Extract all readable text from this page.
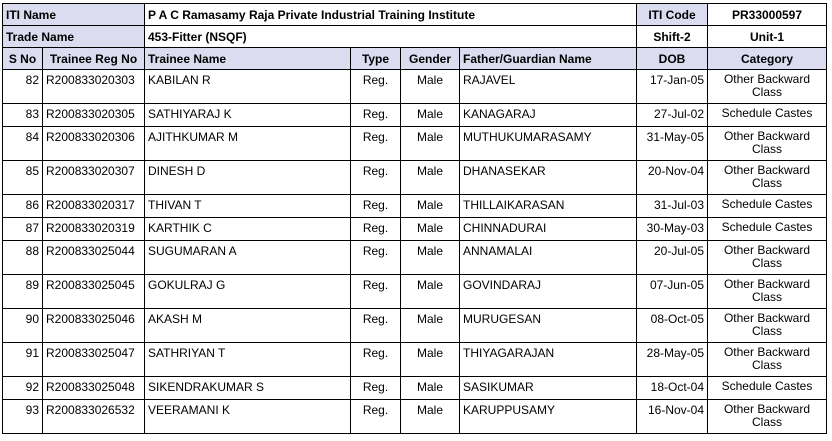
ITI Name		P A C Ramasamy Raja Private Industrial Training Institute				ITI Code	PR33000597
Trade Name		453-Fitter (NSQF)				Shift-2	Unit-1
S No	Trainee Reg No	Trainee Name	Type	Gender	Father/Guardian Name	DOB	Category
82	R200833020303	KABILAN R	Reg.	Male	RAJAVEL	17-Jan-05	Other Backward Class
83	R200833020305	SATHIYARAJ K	Reg.	Male	KANAGARAJ	27-Jul-02	Schedule Castes
84	R200833020306	AJITHKUMAR M	Reg.	Male	MUTHUKUMARASAMY	31-May-05	Other Backward Class
85	R200833020307	DINESH D	Reg.	Male	DHANASEKAR	20-Nov-04	Other Backward Class
86	R200833020317	THIVAN T	Reg.	Male	THILLAIKARASAN	31-Jul-03	Schedule Castes
87	R200833020319	KARTHIK C	Reg.	Male	CHINNADURAI	30-May-03	Schedule Castes
88	R200833025044	SUGUMARAN A	Reg.	Male	ANNAMALAI	20-Jul-05	Other Backward Class
89	R200833025045	GOKULRAJ G	Reg.	Male	GOVINDARAJ	07-Jun-05	Other Backward Class
90	R200833025046	AKASH M	Reg.	Male	MURUGESAN	08-Oct-05	Other Backward Class
91	R200833025047	SATHRIYAN T	Reg.	Male	THIYAGARAJAN	28-May-05	Other Backward Class
92	R200833025048	SIKENDRAKUMAR S	Reg.	Male	SASIKUMAR	18-Oct-04	Schedule Castes
93	R200833026532	VEERAMANI K	Reg.	Male	KARUPPUSAMY	16-Nov-04	Other Backward Class
